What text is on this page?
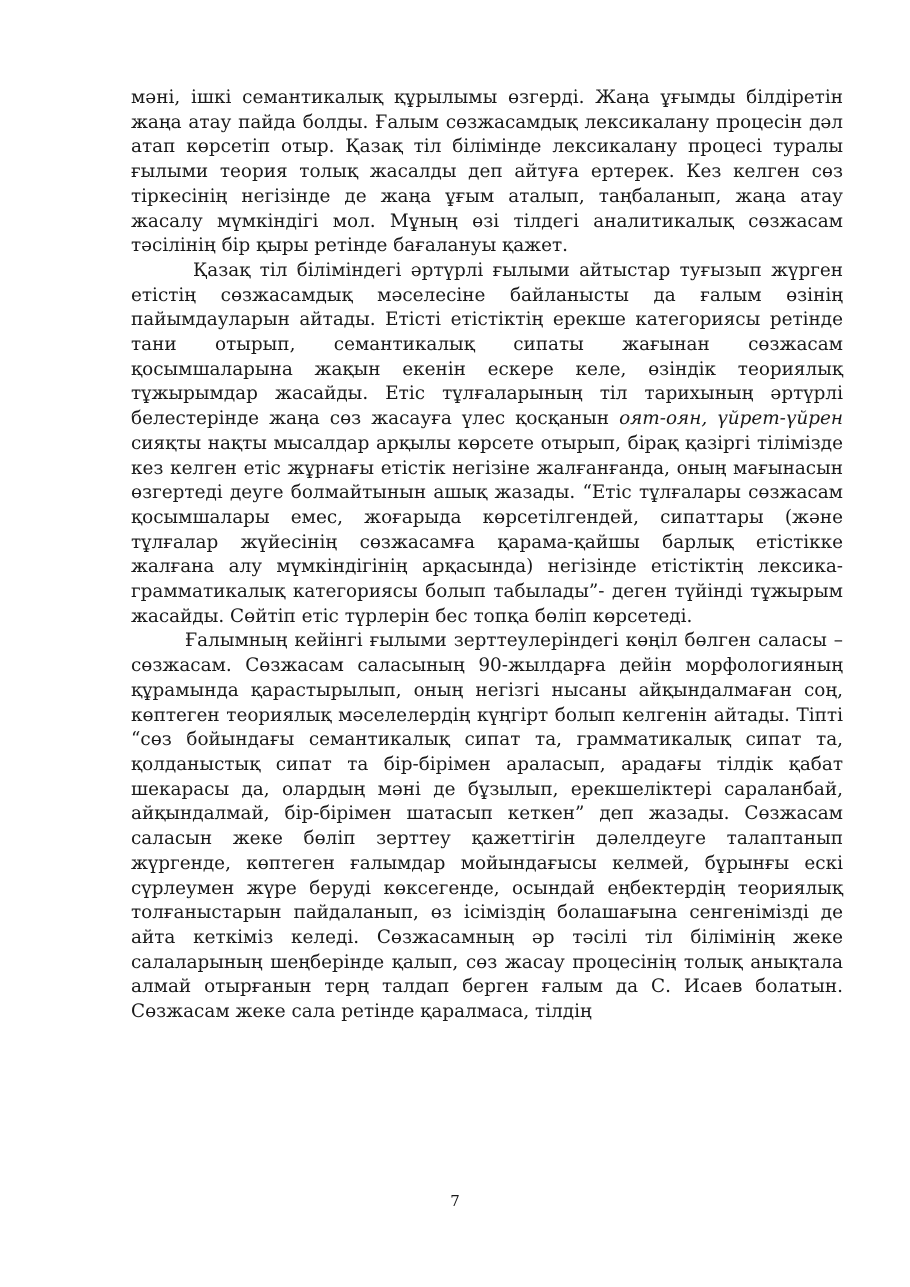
мәні, ішкі семантикалық құрылымы өзгерді. Жаңа ұғымды білдіретін жаңа атау пайда болды. Ғалым сөзжасамдық лексикалану процесін дәл атап көрсетіп отыр. Қазақ тіл білімінде лексикалану процесі туралы ғылыми теория толық жасалды деп айтуға ертерек. Кез келген сөз тіркесінің негізінде де жаңа ұғым аталып, таңбаланып, жаңа атау жасалу мүмкіндігі мол. Мұның өзі тілдегі аналитикалық сөзжасам тәсілінің бір қыры ретінде бағалануы қажет.

Қазақ тіл біліміндегі әртүрлі ғылыми айтыстар туғызып жүрген етістің сөзжасамдық мәселесіне байланысты да ғалым өзінің пайымдауларын айтады. Етісті етістіктің ерекше категориясы ретінде тани отырып, семантикалық сипаты жағынан сөзжасам қосымшаларына жақын екенін ескере келе, өзіндік теориялық тұжырымдар жасайды. Етіс тұлғаларының тіл тарихының әртүрлі белестерінде жаңа сөз жасауға үлес қосқанын оят-оян, үйрет-үйрен сияқты нақты мысалдар арқылы көрсете отырып, бірақ қазіргі тілімізде кез келген етіс жұрнағы етістік негізіне жалғанғанда, оның мағынасын өзгертеді деуге болмайтынын ашық жазады. “Етіс тұлғалары сөзжасам қосымшалары емес, жоғарыда көрсетілгендей, сипаттары (және тұлғалар жүйесінің сөзжасамға қарама-қайшы барлық етістікке жалғана алу мүмкіндігінің арқасында) негізінде етістіктің лексика-грамматикалық категориясы болып табылады”- деген түйінді тұжырым жасайды. Сөйтіп етіс түрлерін бес топқа бөліп көрсетеді.

Ғалымның кейінгі ғылыми зерттеулеріндегі көңіл бөлген саласы – сөзжасам. Сөзжасам саласының 90-жылдарға дейін морфологияның құрамында қарастырылып, оның негізгі нысаны айқындалмаған соң, көптеген теориялық мәселелердің күңгірт болып келгенін айтады. Тіпті “сөз бойындағы семантикалық сипат та, грамматикалық сипат та, қолданыстық сипат та бір-бірімен араласып, арадағы тілдік қабат шекарасы да, олардың мәні де бұзылып, ерекшеліктері сараланбай, айқындалмай, бір-бірімен шатасып кеткен” деп жазады. Сөзжасам саласын жеке бөліп зерттеу қажеттігін дәлелдеуге талаптанып жүргенде, көптеген ғалымдар мойындағысы келмей, бұрынғы ескі сүрлеумен жүре беруді көксегенде, осындай еңбектердің теориялық толғаныстарын пайдаланып, өз ісіміздің болашағына сенгенімізді де айта кеткіміз келеді. Сөзжасамның әр тәсілі тіл білімінің жеке салаларының шеңберінде қалып, сөз жасау процесінің толық анықтала алмай отырғанын терң талдап берген ғалым да С. Исаев болатын. Сөзжасам жеке сала ретінде қаралмаса, тілдің

7
